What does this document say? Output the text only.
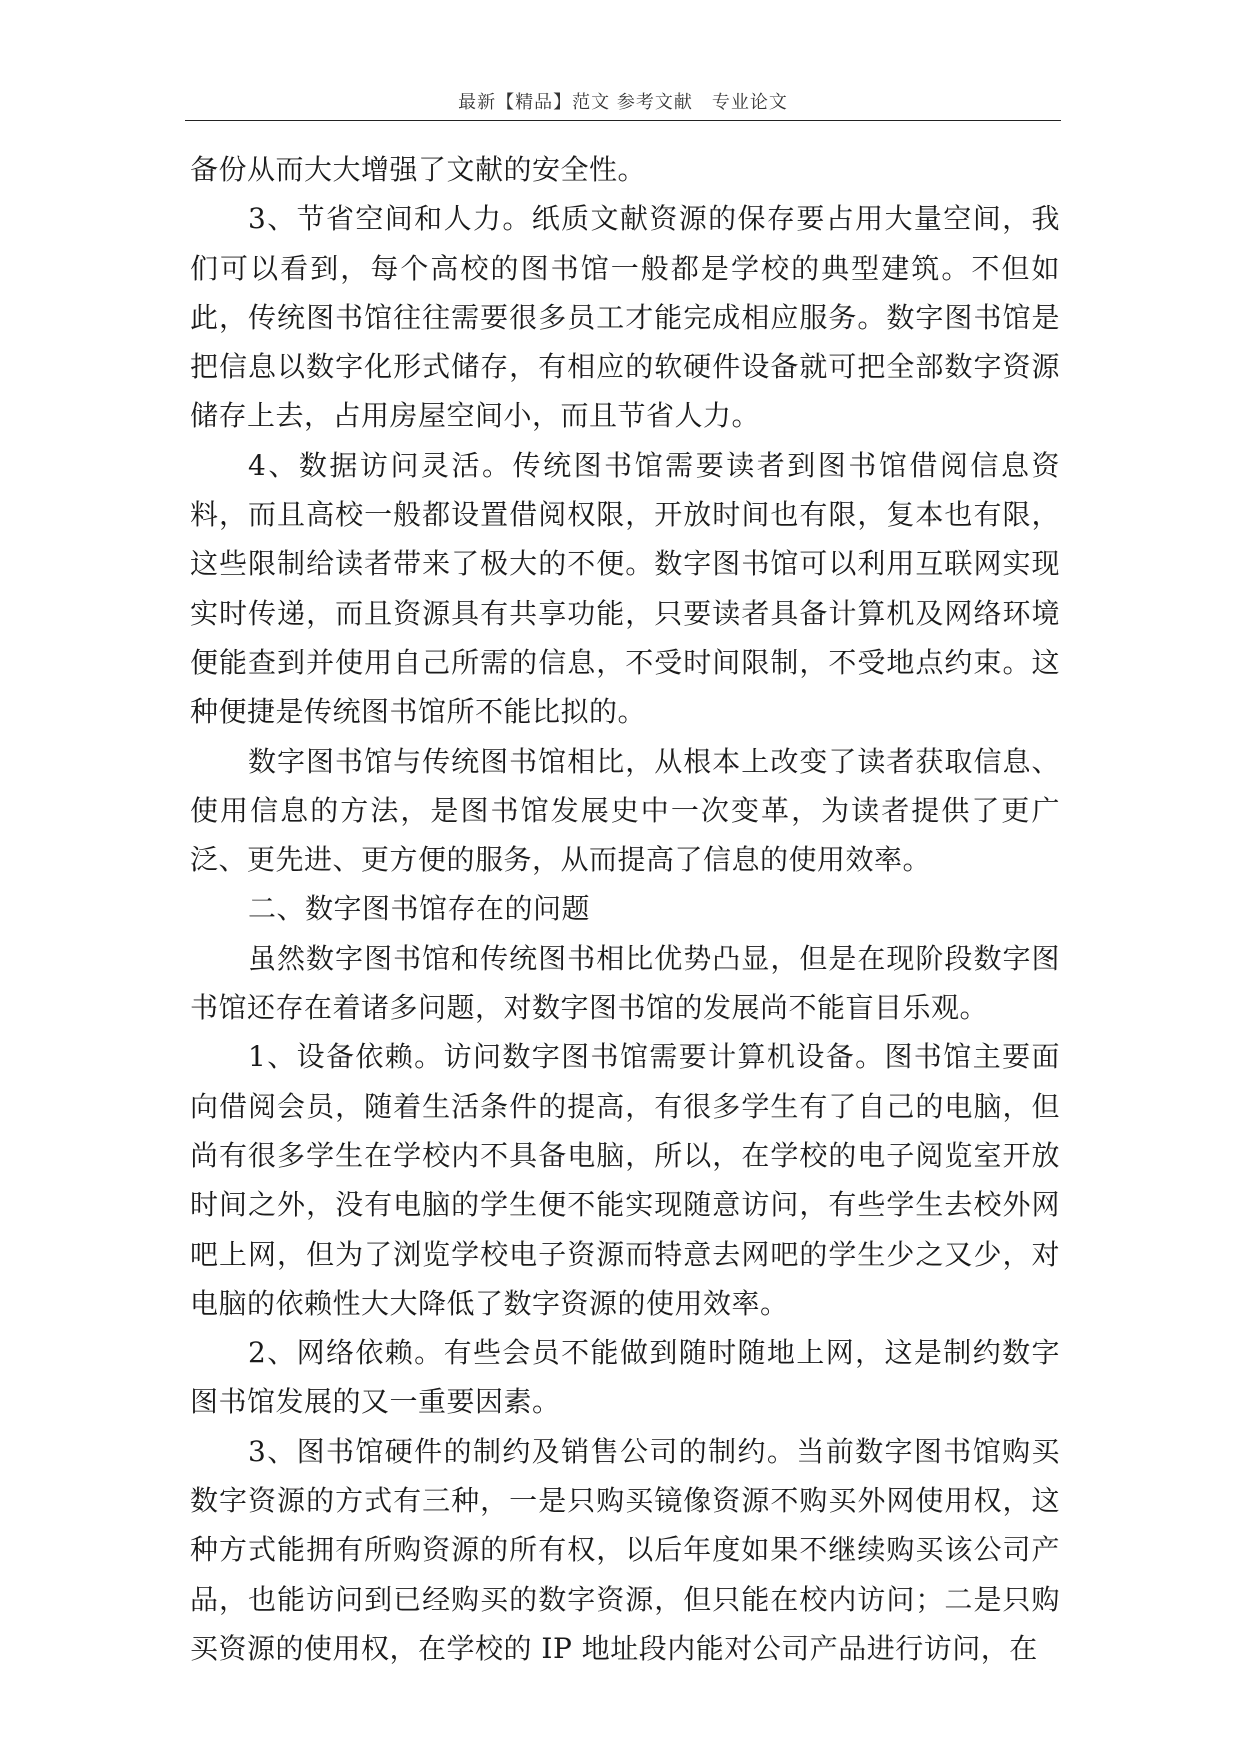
最新【精品】范文 参考文献　专业论文

备份从而大大增强了文献的安全性。

3、节省空间和人力。纸质文献资源的保存要占用大量空间，我们可以看到，每个高校的图书馆一般都是学校的典型建筑。不但如此，传统图书馆往往需要很多员工才能完成相应服务。数字图书馆是把信息以数字化形式储存，有相应的软硬件设备就可把全部数字资源储存上去，占用房屋空间小，而且节省人力。

4、数据访问灵活。传统图书馆需要读者到图书馆借阅信息资料，而且高校一般都设置借阅权限，开放时间也有限，复本也有限，这些限制给读者带来了极大的不便。数字图书馆可以利用互联网实现实时传递，而且资源具有共享功能，只要读者具备计算机及网络环境便能查到并使用自己所需的信息，不受时间限制，不受地点约束。这种便捷是传统图书馆所不能比拟的。

数字图书馆与传统图书馆相比，从根本上改变了读者获取信息、使用信息的方法，是图书馆发展史中一次变革，为读者提供了更广泛、更先进、更方便的服务，从而提高了信息的使用效率。

二、数字图书馆存在的问题

虽然数字图书馆和传统图书相比优势凸显，但是在现阶段数字图书馆还存在着诸多问题，对数字图书馆的发展尚不能盲目乐观。

1、设备依赖。访问数字图书馆需要计算机设备。图书馆主要面向借阅会员，随着生活条件的提高，有很多学生有了自己的电脑，但尚有很多学生在学校内不具备电脑，所以，在学校的电子阅览室开放时间之外，没有电脑的学生便不能实现随意访问，有些学生去校外网吧上网，但为了浏览学校电子资源而特意去网吧的学生少之又少，对电脑的依赖性大大降低了数字资源的使用效率。

2、网络依赖。有些会员不能做到随时随地上网，这是制约数字图书馆发展的又一重要因素。

3、图书馆硬件的制约及销售公司的制约。当前数字图书馆购买数字资源的方式有三种，一是只购买镜像资源不购买外网使用权，这种方式能拥有所购资源的所有权，以后年度如果不继续购买该公司产品，也能访问到已经购买的数字资源，但只能在校内访问；二是只购买资源的使用权，在学校的 IP 地址段内能对公司产品进行访问，在
